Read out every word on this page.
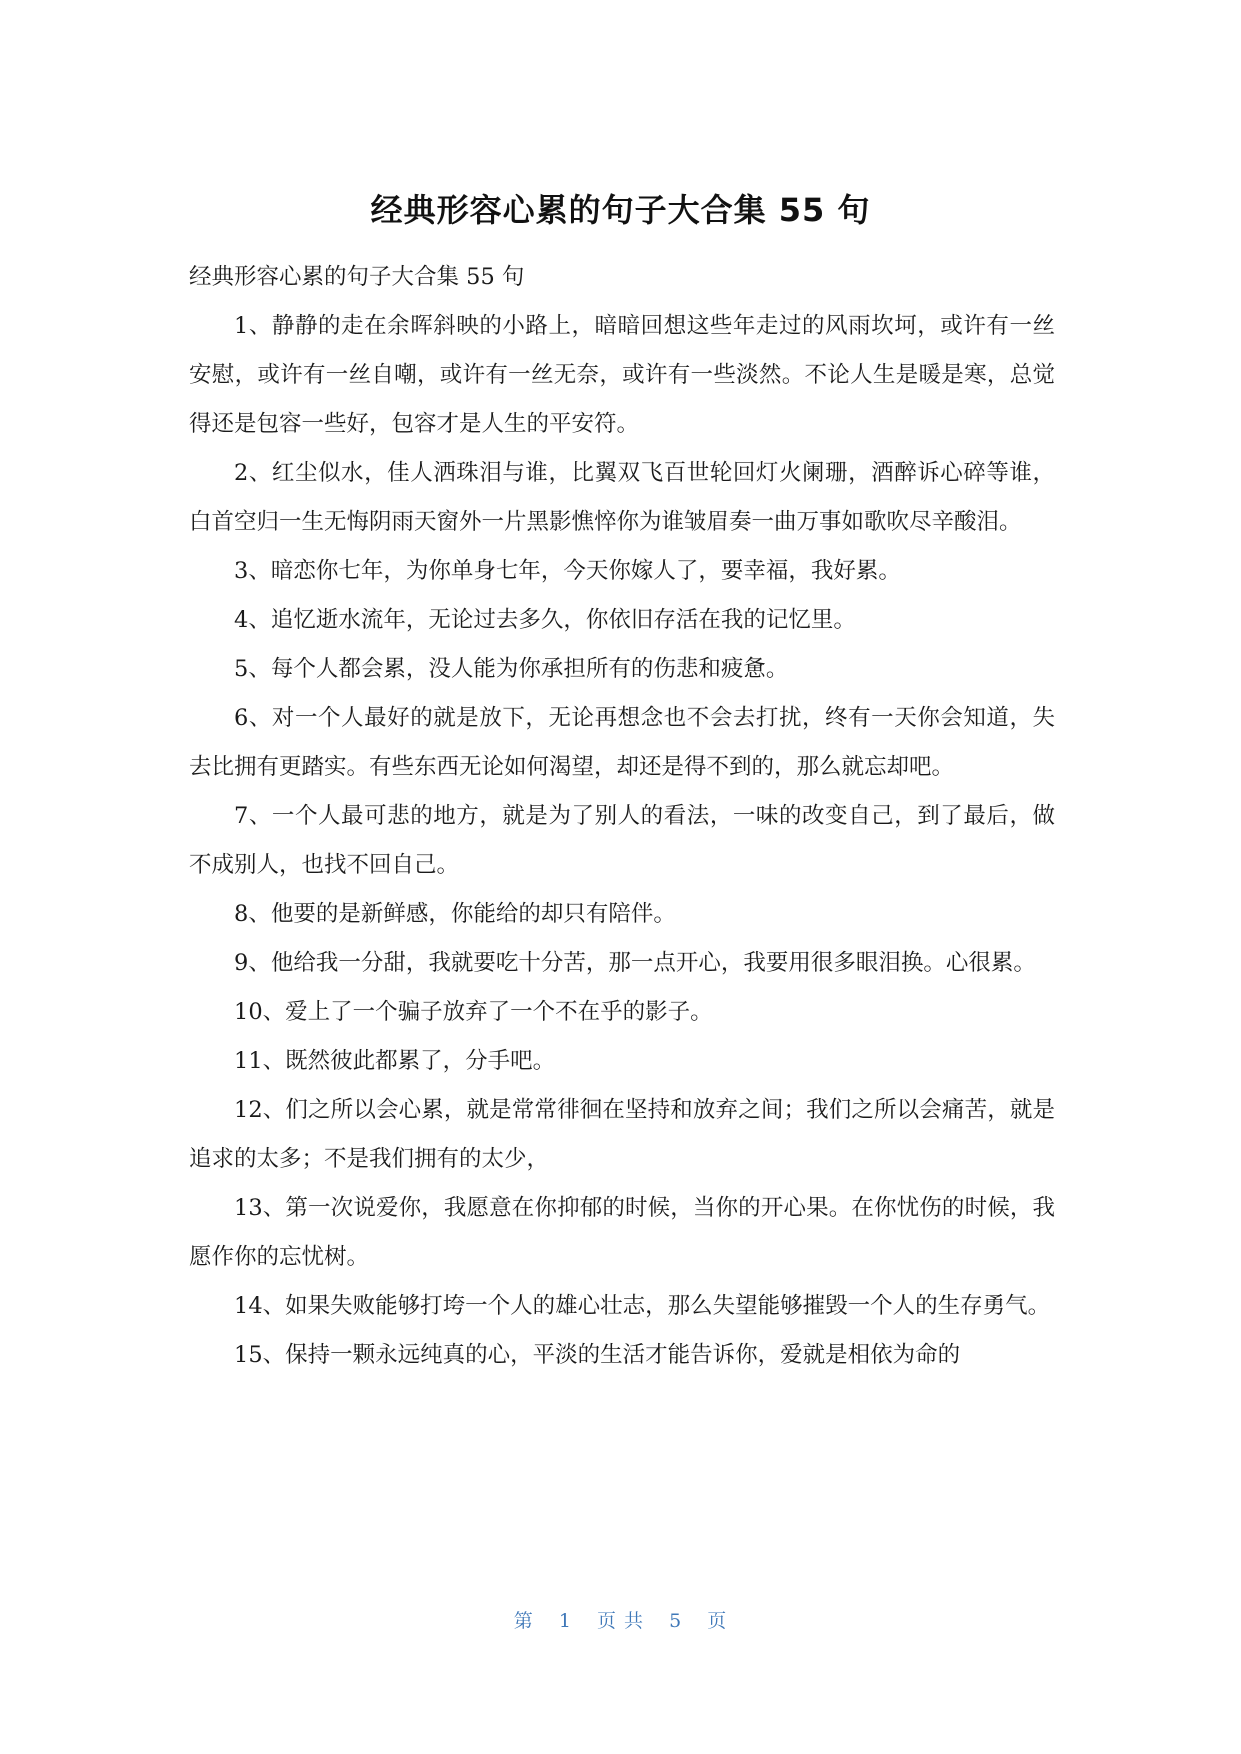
经典形容心累的句子大合集 55 句

经典形容心累的句子大合集 55 句

1、静静的走在余晖斜映的小路上，暗暗回想这些年走过的风雨坎坷，或许有一丝安慰，或许有一丝自嘲，或许有一丝无奈，或许有一些淡然。不论人生是暖是寒，总觉得还是包容一些好，包容才是人生的平安符。

2、红尘似水，佳人洒珠泪与谁，比翼双飞百世轮回灯火阑珊，酒醉诉心碎等谁，白首空归一生无悔阴雨天窗外一片黑影憔悴你为谁皱眉奏一曲万事如歌吹尽辛酸泪。

3、暗恋你七年，为你单身七年，今天你嫁人了，要幸福，我好累。

4、追忆逝水流年，无论过去多久，你依旧存活在我的记忆里。

5、每个人都会累，没人能为你承担所有的伤悲和疲惫。

6、对一个人最好的就是放下，无论再想念也不会去打扰，终有一天你会知道，失去比拥有更踏实。有些东西无论如何渴望，却还是得不到的，那么就忘却吧。

7、一个人最可悲的地方，就是为了别人的看法，一味的改变自己，到了最后，做不成别人，也找不回自己。

8、他要的是新鲜感，你能给的却只有陪伴。

9、他给我一分甜，我就要吃十分苦，那一点开心，我要用很多眼泪换。心很累。

10、爱上了一个骗子放弃了一个不在乎的影子。

11、既然彼此都累了，分手吧。

12、们之所以会心累，就是常常徘徊在坚持和放弃之间；我们之所以会痛苦，就是追求的太多；不是我们拥有的太少，

13、第一次说爱你，我愿意在你抑郁的时候，当你的开心果。在你忧伤的时候，我愿作你的忘忧树。

14、如果失败能够打垮一个人的雄心壮志，那么失望能够摧毁一个人的生存勇气。

15、保持一颗永远纯真的心，平淡的生活才能告诉你，爱就是相依为命的

第 1 页 共 5 页
